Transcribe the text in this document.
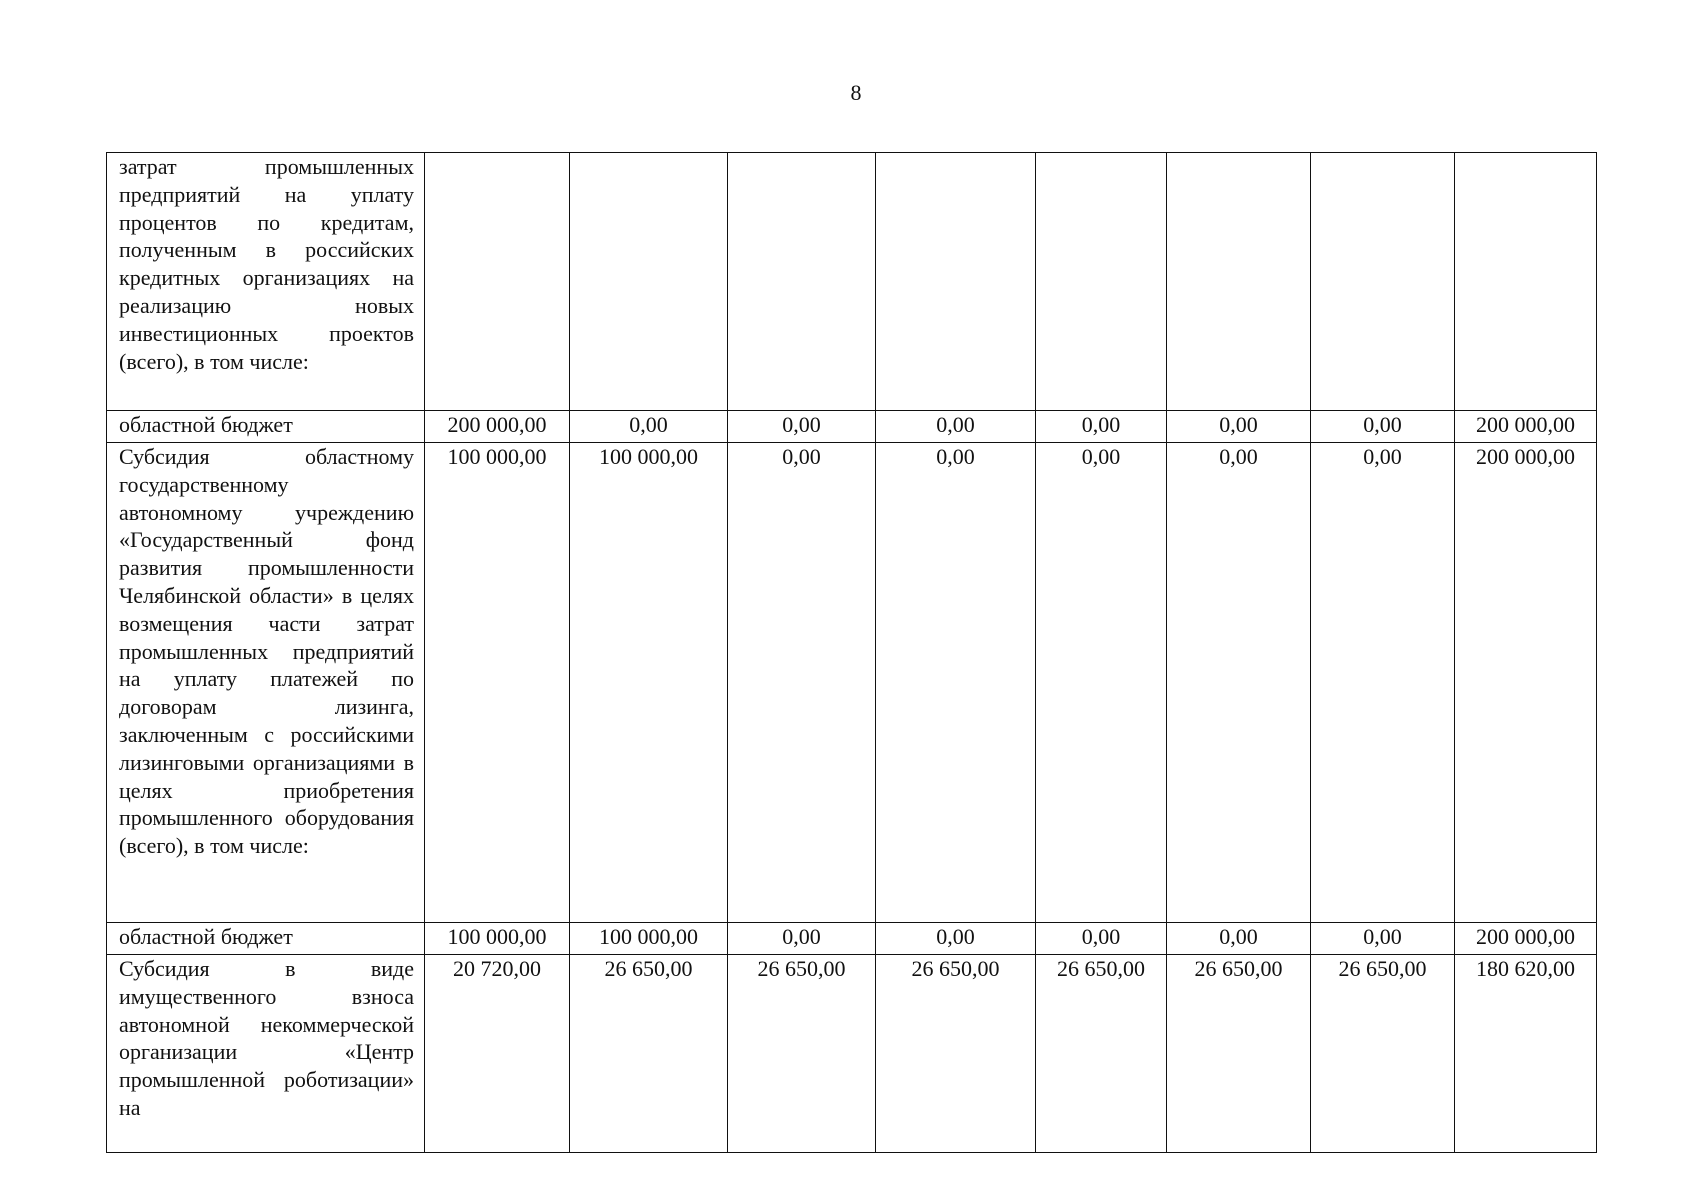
8
затрат промышленных предприятий на уплату процентов по кредитам, полученным в российских кредитных организациях на реализацию новых инвестиционных проектов (всего), в том числе:								
областной бюджет	200 000,00	0,00	0,00	0,00	0,00	0,00	0,00	200 000,00
Субсидия областному государственному автономному учреждению «Государственный фонд развития промышленности Челябинской области» в целях возмещения части затрат промышленных предприятий на уплату платежей по договорам лизинга, заключенным с российскими лизинговыми организациями в целях приобретения промышленного оборудования (всего), в том числе:	100 000,00	100 000,00	0,00	0,00	0,00	0,00	0,00	200 000,00
областной бюджет	100 000,00	100 000,00	0,00	0,00	0,00	0,00	0,00	200 000,00
Субсидия в виде имущественного взноса автономной некоммерческой организации «Центр промышленной роботизации» на	20 720,00	26 650,00	26 650,00	26 650,00	26 650,00	26 650,00	26 650,00	180 620,00
